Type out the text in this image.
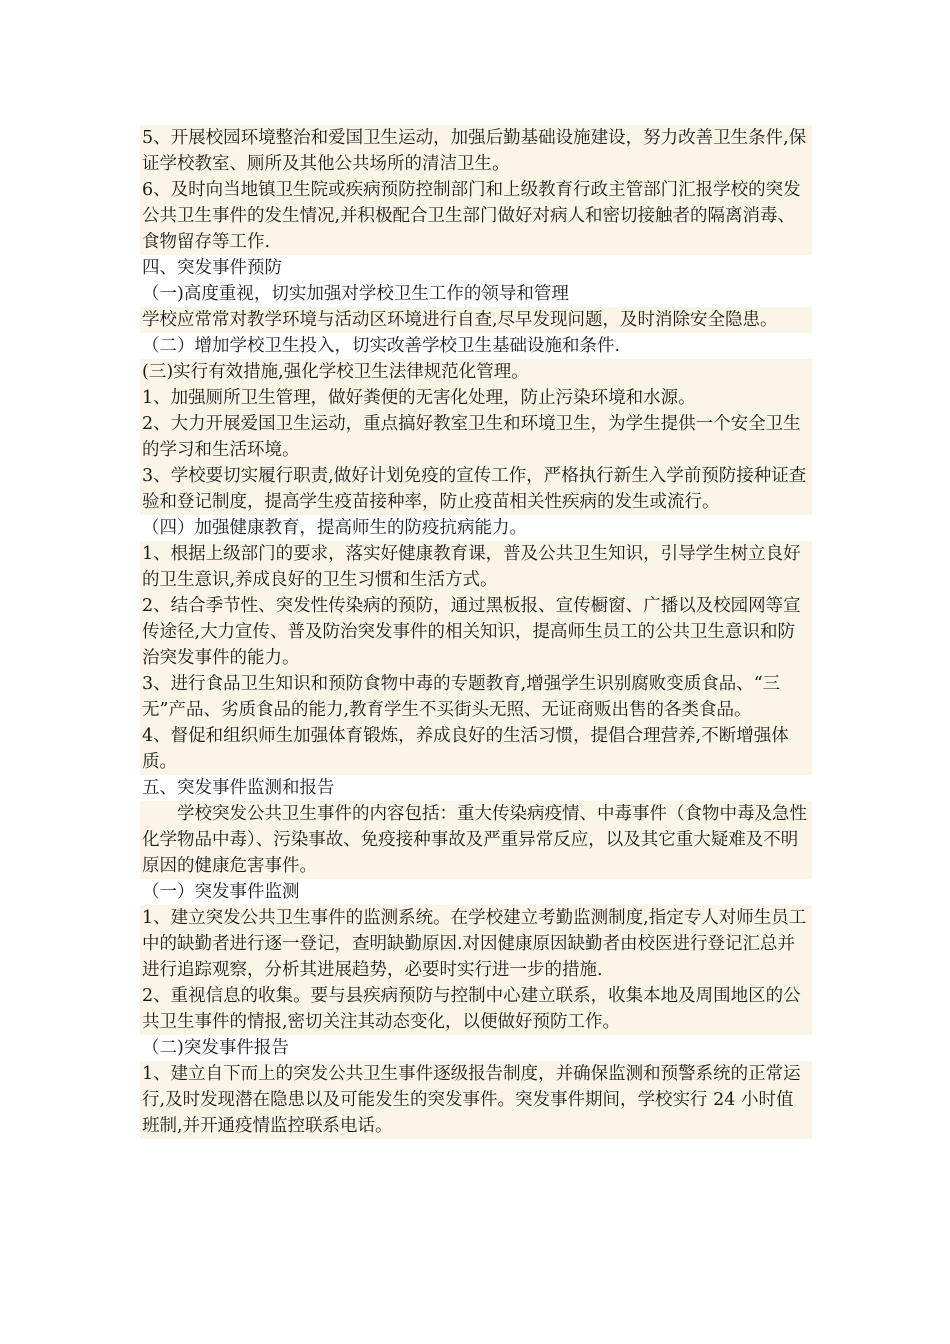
5、开展校园环境整治和爱国卫生运动，加强后勤基础设施建设，努力改善卫生条件,保证学校教室、厕所及其他公共场所的清洁卫生。

6、及时向当地镇卫生院或疾病预防控制部门和上级教育行政主管部门汇报学校的突发公共卫生事件的发生情况,并积极配合卫生部门做好对病人和密切接触者的隔离消毒、食物留存等工作.

四、突发事件预防

（一)高度重视，切实加强对学校卫生工作的领导和管理

学校应常常对教学环境与活动区环境进行自查,尽早发现问题，及时消除安全隐患。

（二）增加学校卫生投入，切实改善学校卫生基础设施和条件.

(三)实行有效措施,强化学校卫生法律规范化管理。

1、加强厕所卫生管理，做好粪便的无害化处理，防止污染环境和水源。

2、大力开展爱国卫生运动，重点搞好教室卫生和环境卫生，为学生提供一个安全卫生的学习和生活环境。

3、学校要切实履行职责,做好计划免疫的宣传工作，严格执行新生入学前预防接种证查验和登记制度，提高学生疫苗接种率，防止疫苗相关性疾病的发生或流行。

（四）加强健康教育，提高师生的防疫抗病能力。

1、根据上级部门的要求，落实好健康教育课，普及公共卫生知识，引导学生树立良好的卫生意识,养成良好的卫生习惯和生活方式。

2、结合季节性、突发性传染病的预防，通过黑板报、宣传橱窗、广播以及校园网等宣传途径,大力宣传、普及防治突发事件的相关知识，提高师生员工的公共卫生意识和防治突发事件的能力。

3、进行食品卫生知识和预防食物中毒的专题教育,增强学生识别腐败变质食品、“三无”产品、劣质食品的能力,教育学生不买街头无照、无证商贩出售的各类食品。

4、督促和组织师生加强体育锻炼，养成良好的生活习惯，提倡合理营养,不断增强体质。

五、突发事件监测和报告

学校突发公共卫生事件的内容包括：重大传染病疫情、中毒事件（食物中毒及急性化学物品中毒）、污染事故、免疫接种事故及严重异常反应，以及其它重大疑难及不明原因的健康危害事件。

（一）突发事件监测

1、建立突发公共卫生事件的监测系统。在学校建立考勤监测制度,指定专人对师生员工中的缺勤者进行逐一登记，查明缺勤原因.对因健康原因缺勤者由校医进行登记汇总并进行追踪观察，分析其进展趋势，必要时实行进一步的措施.

2、重视信息的收集。要与县疾病预防与控制中心建立联系，收集本地及周围地区的公共卫生事件的情报,密切关注其动态变化，以便做好预防工作。

（二)突发事件报告

1、建立自下而上的突发公共卫生事件逐级报告制度，并确保监测和预警系统的正常运行,及时发现潜在隐患以及可能发生的突发事件。突发事件期间，学校实行 24 小时值班制,并开通疫情监控联系电话。
